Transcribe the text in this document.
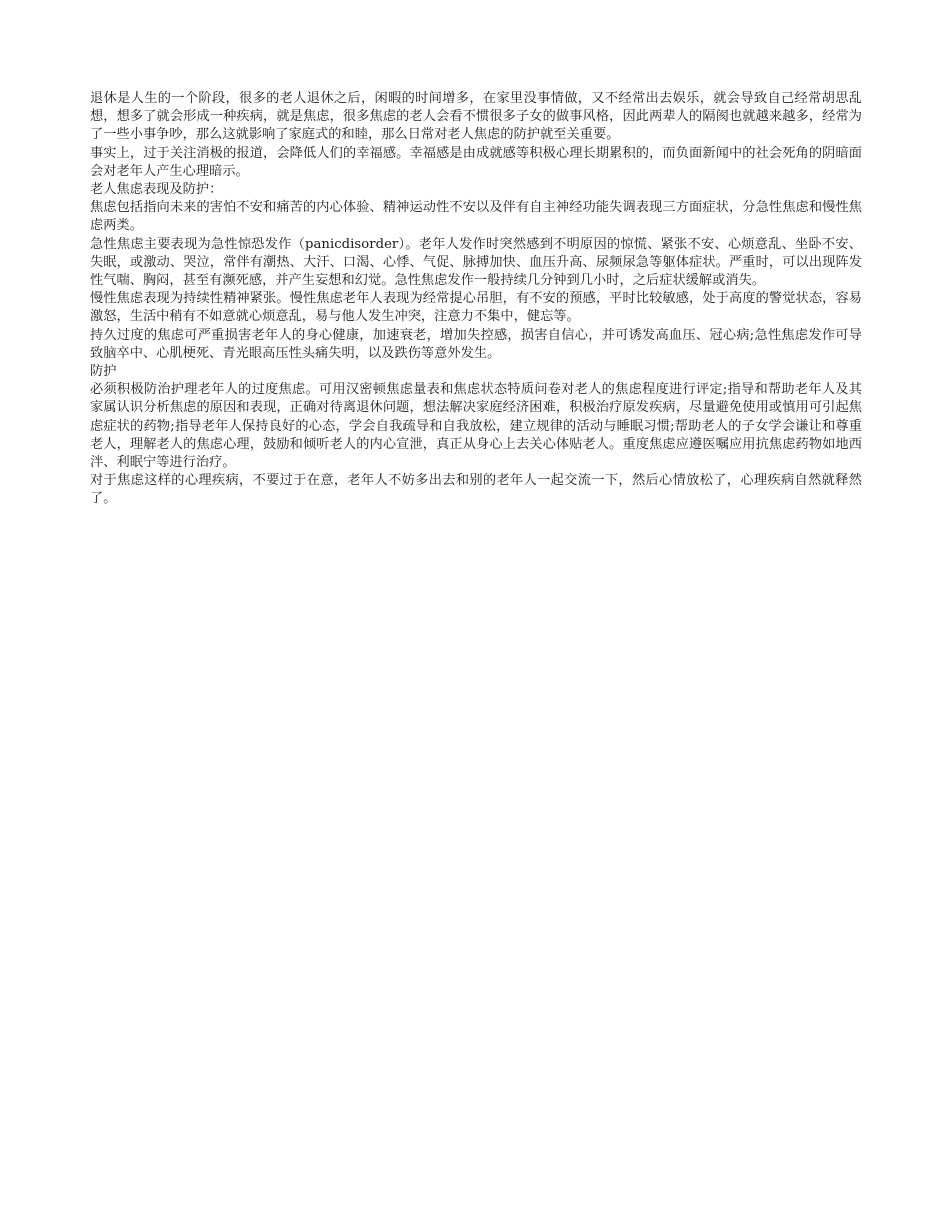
退休是人生的一个阶段，很多的老人退休之后，闲暇的时间增多，在家里没事情做，又不经常出去娱乐，就会导致自己经常胡思乱想，想多了就会形成一种疾病，就是焦虑，很多焦虑的老人会看不惯很多子女的做事风格，因此两辈人的隔阂也就越来越多，经常为了一些小事争吵，那么这就影响了家庭式的和睦，那么日常对老人焦虑的防护就至关重要。

事实上，过于关注消极的报道，会降低人们的幸福感。幸福感是由成就感等积极心理长期累积的，而负面新闻中的社会死角的阴暗面会对老年人产生心理暗示。

老人焦虑表现及防护：

焦虑包括指向未来的害怕不安和痛苦的内心体验、精神运动性不安以及伴有自主神经功能失调表现三方面症状，分急性焦虑和慢性焦虑两类。

急性焦虑主要表现为急性惊恐发作（panicdisorder）。老年人发作时突然感到不明原因的惊慌、紧张不安、心烦意乱、坐卧不安、失眠，或激动、哭泣，常伴有潮热、大汗、口渴、心悸、气促、脉搏加快、血压升高、尿频尿急等躯体症状。严重时，可以出现阵发性气喘、胸闷，甚至有濒死感，并产生妄想和幻觉。急性焦虑发作一般持续几分钟到几小时，之后症状缓解或消失。

慢性焦虑表现为持续性精神紧张。慢性焦虑老年人表现为经常提心吊胆，有不安的预感，平时比较敏感，处于高度的警觉状态，容易激怒，生活中稍有不如意就心烦意乱，易与他人发生冲突，注意力不集中，健忘等。

持久过度的焦虑可严重损害老年人的身心健康，加速衰老，增加失控感，损害自信心，并可诱发高血压、冠心病;急性焦虑发作可导致脑卒中、心肌梗死、青光眼高压性头痛失明，以及跌伤等意外发生。

防护

必须积极防治护理老年人的过度焦虑。可用汉密顿焦虑量表和焦虑状态特质问卷对老人的焦虑程度进行评定;指导和帮助老年人及其家属认识分析焦虑的原因和表现，正确对待离退休问题，想法解决家庭经济困难，积极治疗原发疾病，尽量避免使用或慎用可引起焦虑症状的药物;指导老年人保持良好的心态，学会自我疏导和自我放松，建立规律的活动与睡眠习惯;帮助老人的子女学会谦让和尊重老人，理解老人的焦虑心理，鼓励和倾听老人的内心宣泄，真正从身心上去关心体贴老人。重度焦虑应遵医嘱应用抗焦虑药物如地西泮、利眠宁等进行治疗。

对于焦虑这样的心理疾病，不要过于在意，老年人不妨多出去和别的老年人一起交流一下，然后心情放松了，心理疾病自然就释然了。
